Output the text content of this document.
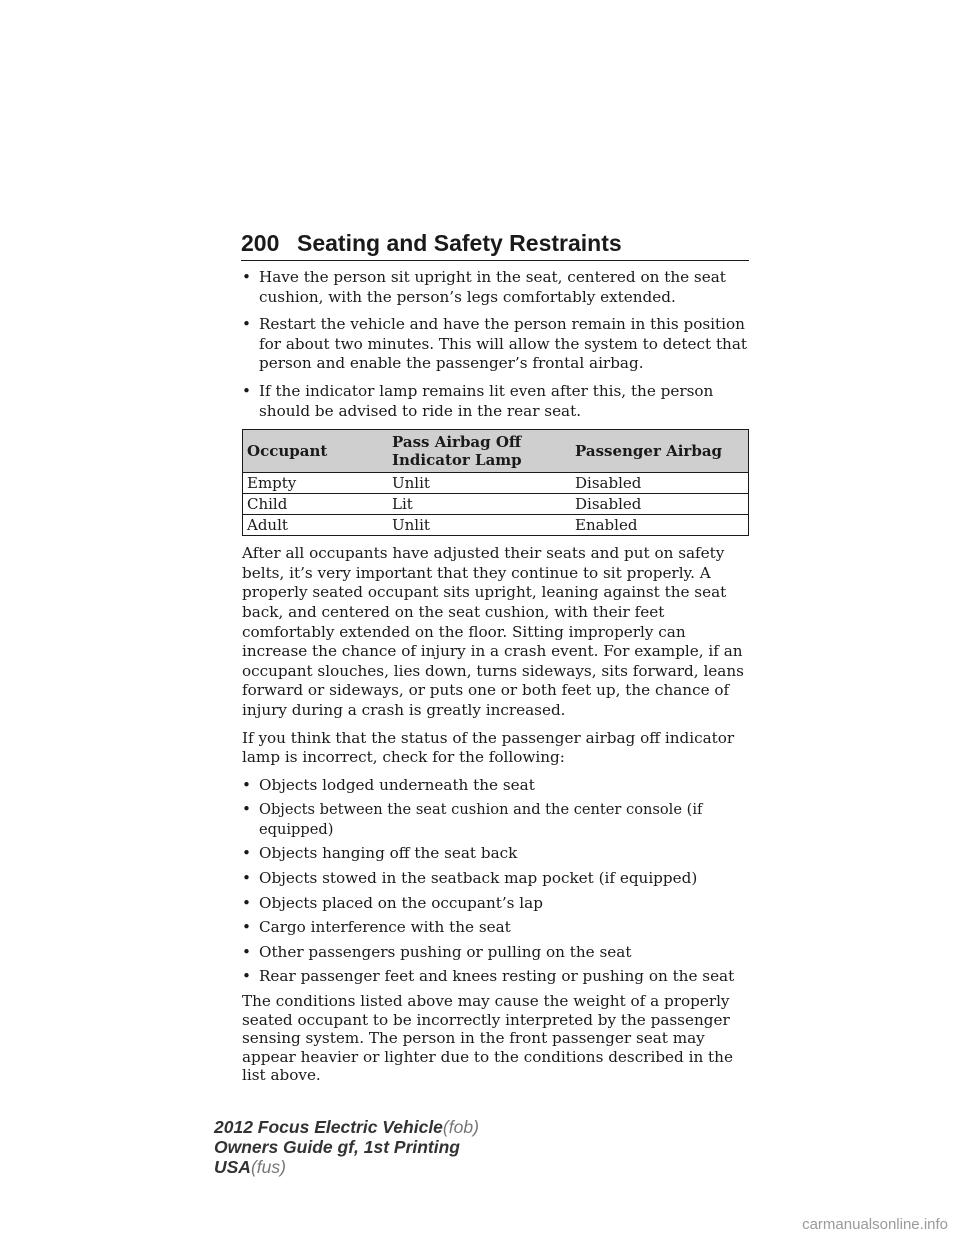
200 Seating and Safety Restraints
• Have the person sit upright in the seat, centered on the seat cushion, with the person’s legs comfortably extended.
• Restart the vehicle and have the person remain in this position for about two minutes. This will allow the system to detect that person and enable the passenger’s frontal airbag.
• If the indicator lamp remains lit even after this, the person should be advised to ride in the rear seat.
Occupant	Pass Airbag Off Indicator Lamp	Passenger Airbag
Empty	Unlit	Disabled
Child	Lit	Disabled
Adult	Unlit	Enabled

After all occupants have adjusted their seats and put on safety belts, it’s very important that they continue to sit properly. A properly seated occupant sits upright, leaning against the seat back, and centered on the seat cushion, with their feet comfortably extended on the floor. Sitting improperly can increase the chance of injury in a crash event. For example, if an occupant slouches, lies down, turns sideways, sits forward, leans forward or sideways, or puts one or both feet up, the chance of injury during a crash is greatly increased.

If you think that the status of the passenger airbag off indicator lamp is incorrect, check for the following:

• Objects lodged underneath the seat
• Objects between the seat cushion and the center console (if equipped)
• Objects hanging off the seat back
• Objects stowed in the seatback map pocket (if equipped)
• Objects placed on the occupant’s lap
• Cargo interference with the seat
• Other passengers pushing or pulling on the seat
• Rear passenger feet and knees resting or pushing on the seat

The conditions listed above may cause the weight of a properly seated occupant to be incorrectly interpreted by the passenger sensing system. The person in the front passenger seat may appear heavier or lighter due to the conditions described in the list above.

2012 Focus Electric Vehicle(fob)
Owners Guide gf, 1st Printing
USA(fus)
carmanualsonline.info
